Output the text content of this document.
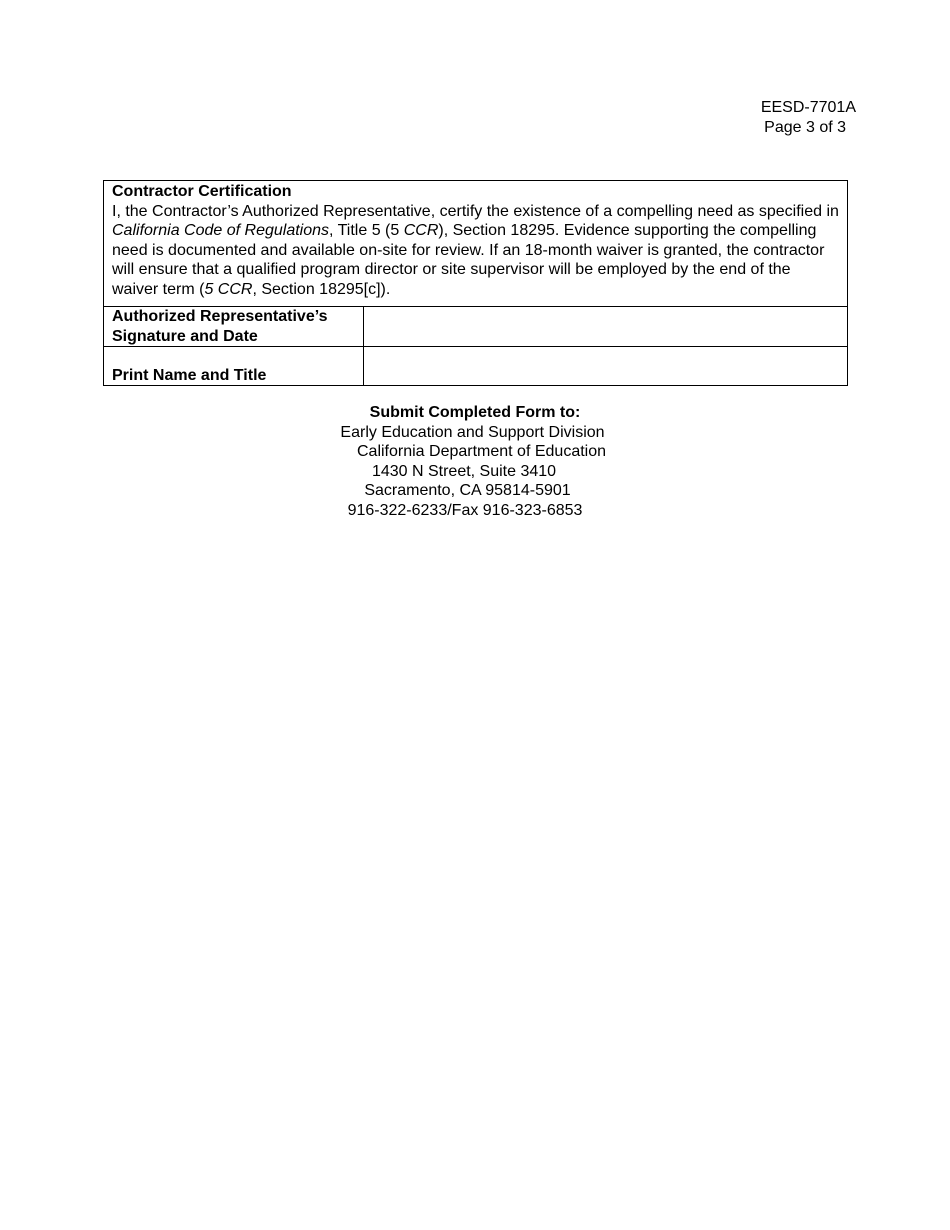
EESD-7701A
Page 3 of 3
Contractor Certification
I, the Contractor’s Authorized Representative, certify the existence of a compelling need as specified in California Code of Regulations, Title 5 (5 CCR), Section 18295. Evidence supporting the compelling need is documented and available on-site for review. If an 18-month waiver is granted, the contractor will ensure that a qualified program director or site supervisor will be employed by the end of the waiver term (5 CCR, Section 18295[c]).	

Authorized Representative’s
Signature and Date	

Print Name and Title	
Submit Completed Form to:
Early Education and Support Division
California Department of Education
1430 N Street, Suite 3410
Sacramento, CA 95814-5901
916-322-6233/Fax 916-323-6853
